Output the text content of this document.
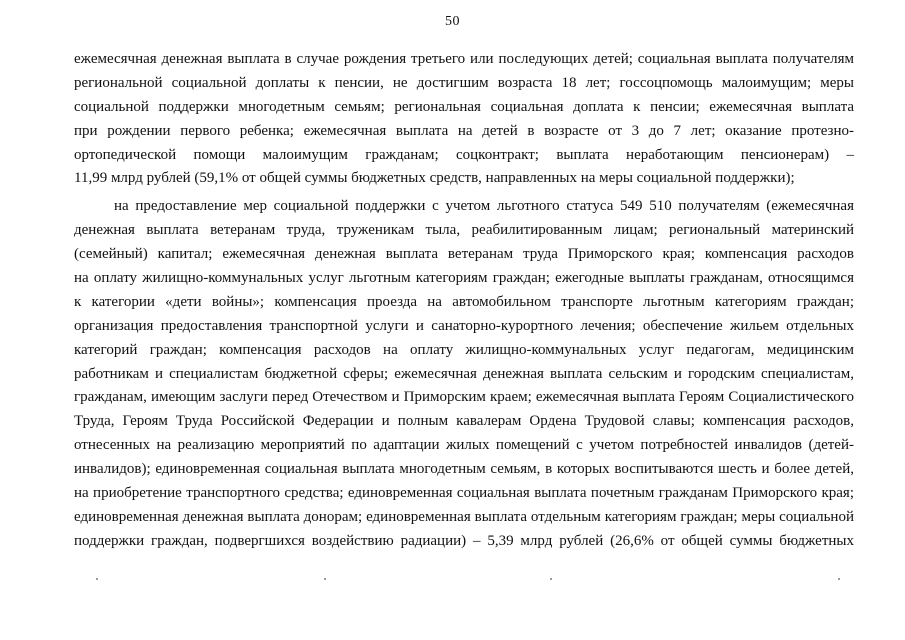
50
ежемесячная денежная выплата в случае рождения третьего или последующих детей; социальная выплата получателям
региональной социальной доплаты к пенсии, не достигшим возраста 18 лет; госсоцпомощь малоимущим; меры
социальной поддержки многодетным семьям; региональная социальная доплата к пенсии; ежемесячная выплата
при рождении первого ребенка; ежемесячная выплата на детей в возрасте от 3 до 7 лет; оказание протезно-
ортопедической помощи малоимущим гражданам; соцконтракт; выплата неработающим пенсионерам) –
11,99 млрд рублей (59,1% от общей суммы бюджетных средств, направленных на меры социальной поддержки);
на предоставление мер социальной поддержки с учетом льготного статуса 549 510 получателям (ежемесячная
денежная выплата ветеранам труда, труженикам тыла, реабилитированным лицам; региональный материнский
(семейный) капитал; ежемесячная денежная выплата ветеранам труда Приморского края; компенсация расходов
на оплату жилищно-коммунальных услуг льготным категориям граждан; ежегодные выплаты гражданам, относящимся
к категории «дети войны»; компенсация проезда на автомобильном транспорте льготным категориям граждан;
организация предоставления транспортной услуги и санаторно-курортного лечения; обеспечение жильем отдельных
категорий граждан; компенсация расходов на оплату жилищно-коммунальных услуг педагогам, медицинским
работникам и специалистам бюджетной сферы; ежемесячная денежная выплата сельским и городским специалистам,
гражданам, имеющим заслуги перед Отечеством и Приморским краем; ежемесячная выплата Героям Социалистического
Труда, Героям Труда Российской Федерации и полным кавалерам Ордена Трудовой славы; компенсация расходов,
отнесенных на реализацию мероприятий по адаптации жилых помещений с учетом потребностей инвалидов (детей-
инвалидов); единовременная социальная выплата многодетным семьям, в которых воспитываются шесть и более детей,
на приобретение транспортного средства; единовременная социальная выплата почетным гражданам Приморского края;
единовременная денежная выплата донорам; единовременная выплата отдельным категориям граждан; меры социальной
поддержки граждан, подвергшихся воздействию радиации) – 5,39 млрд рублей (26,6% от общей суммы бюджетных
